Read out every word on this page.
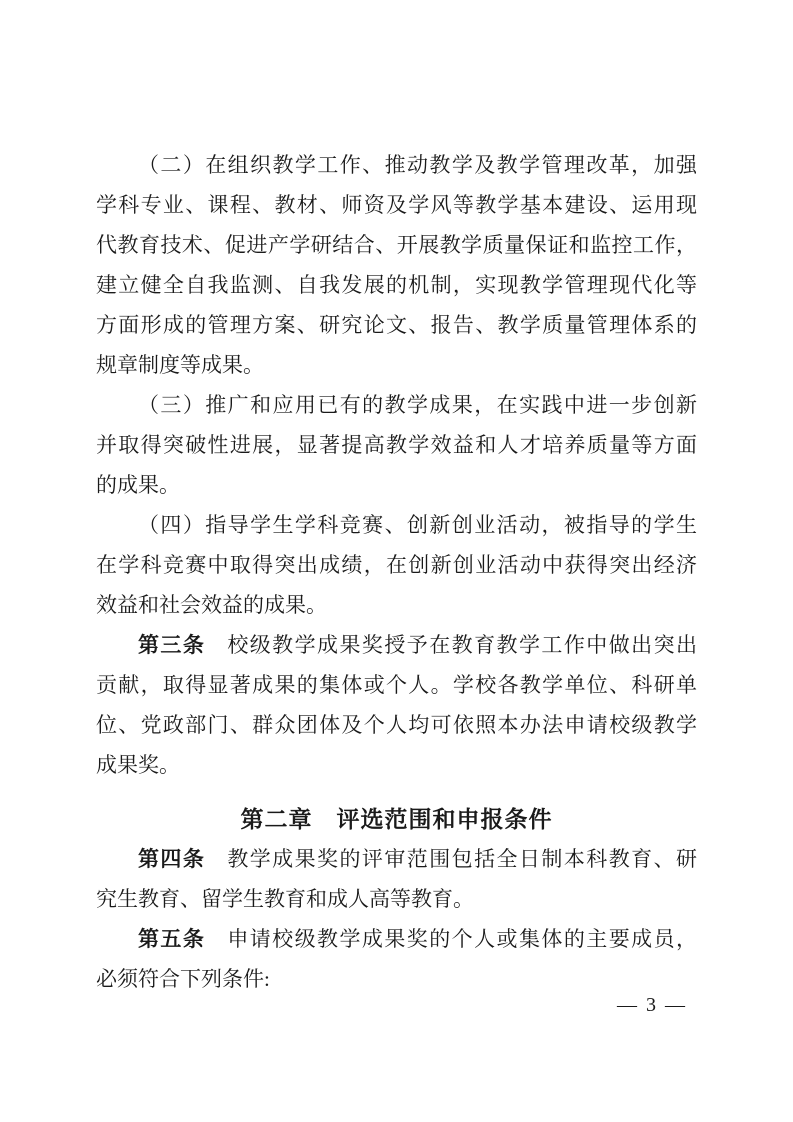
（二）在组织教学工作、推动教学及教学管理改革，加强
学科专业、课程、教材、师资及学风等教学基本建设、运用现
代教育技术、促进产学研结合、开展教学质量保证和监控工作，
建立健全自我监测、自我发展的机制，实现教学管理现代化等
方面形成的管理方案、研究论文、报告、教学质量管理体系的
规章制度等成果。
（三）推广和应用已有的教学成果，在实践中进一步创新
并取得突破性进展，显著提高教学效益和人才培养质量等方面
的成果。
（四）指导学生学科竞赛、创新创业活动，被指导的学生
在学科竞赛中取得突出成绩，在创新创业活动中获得突出经济
效益和社会效益的成果。
第三条 校级教学成果奖授予在教育教学工作中做出突出
贡献，取得显著成果的集体或个人。学校各教学单位、科研单
位、党政部门、群众团体及个人均可依照本办法申请校级教学
成果奖。
第二章　评选范围和申报条件
第四条 教学成果奖的评审范围包括全日制本科教育、研
究生教育、留学生教育和成人高等教育。
第五条 申请校级教学成果奖的个人或集体的主要成员，
必须符合下列条件:
— 3 —
